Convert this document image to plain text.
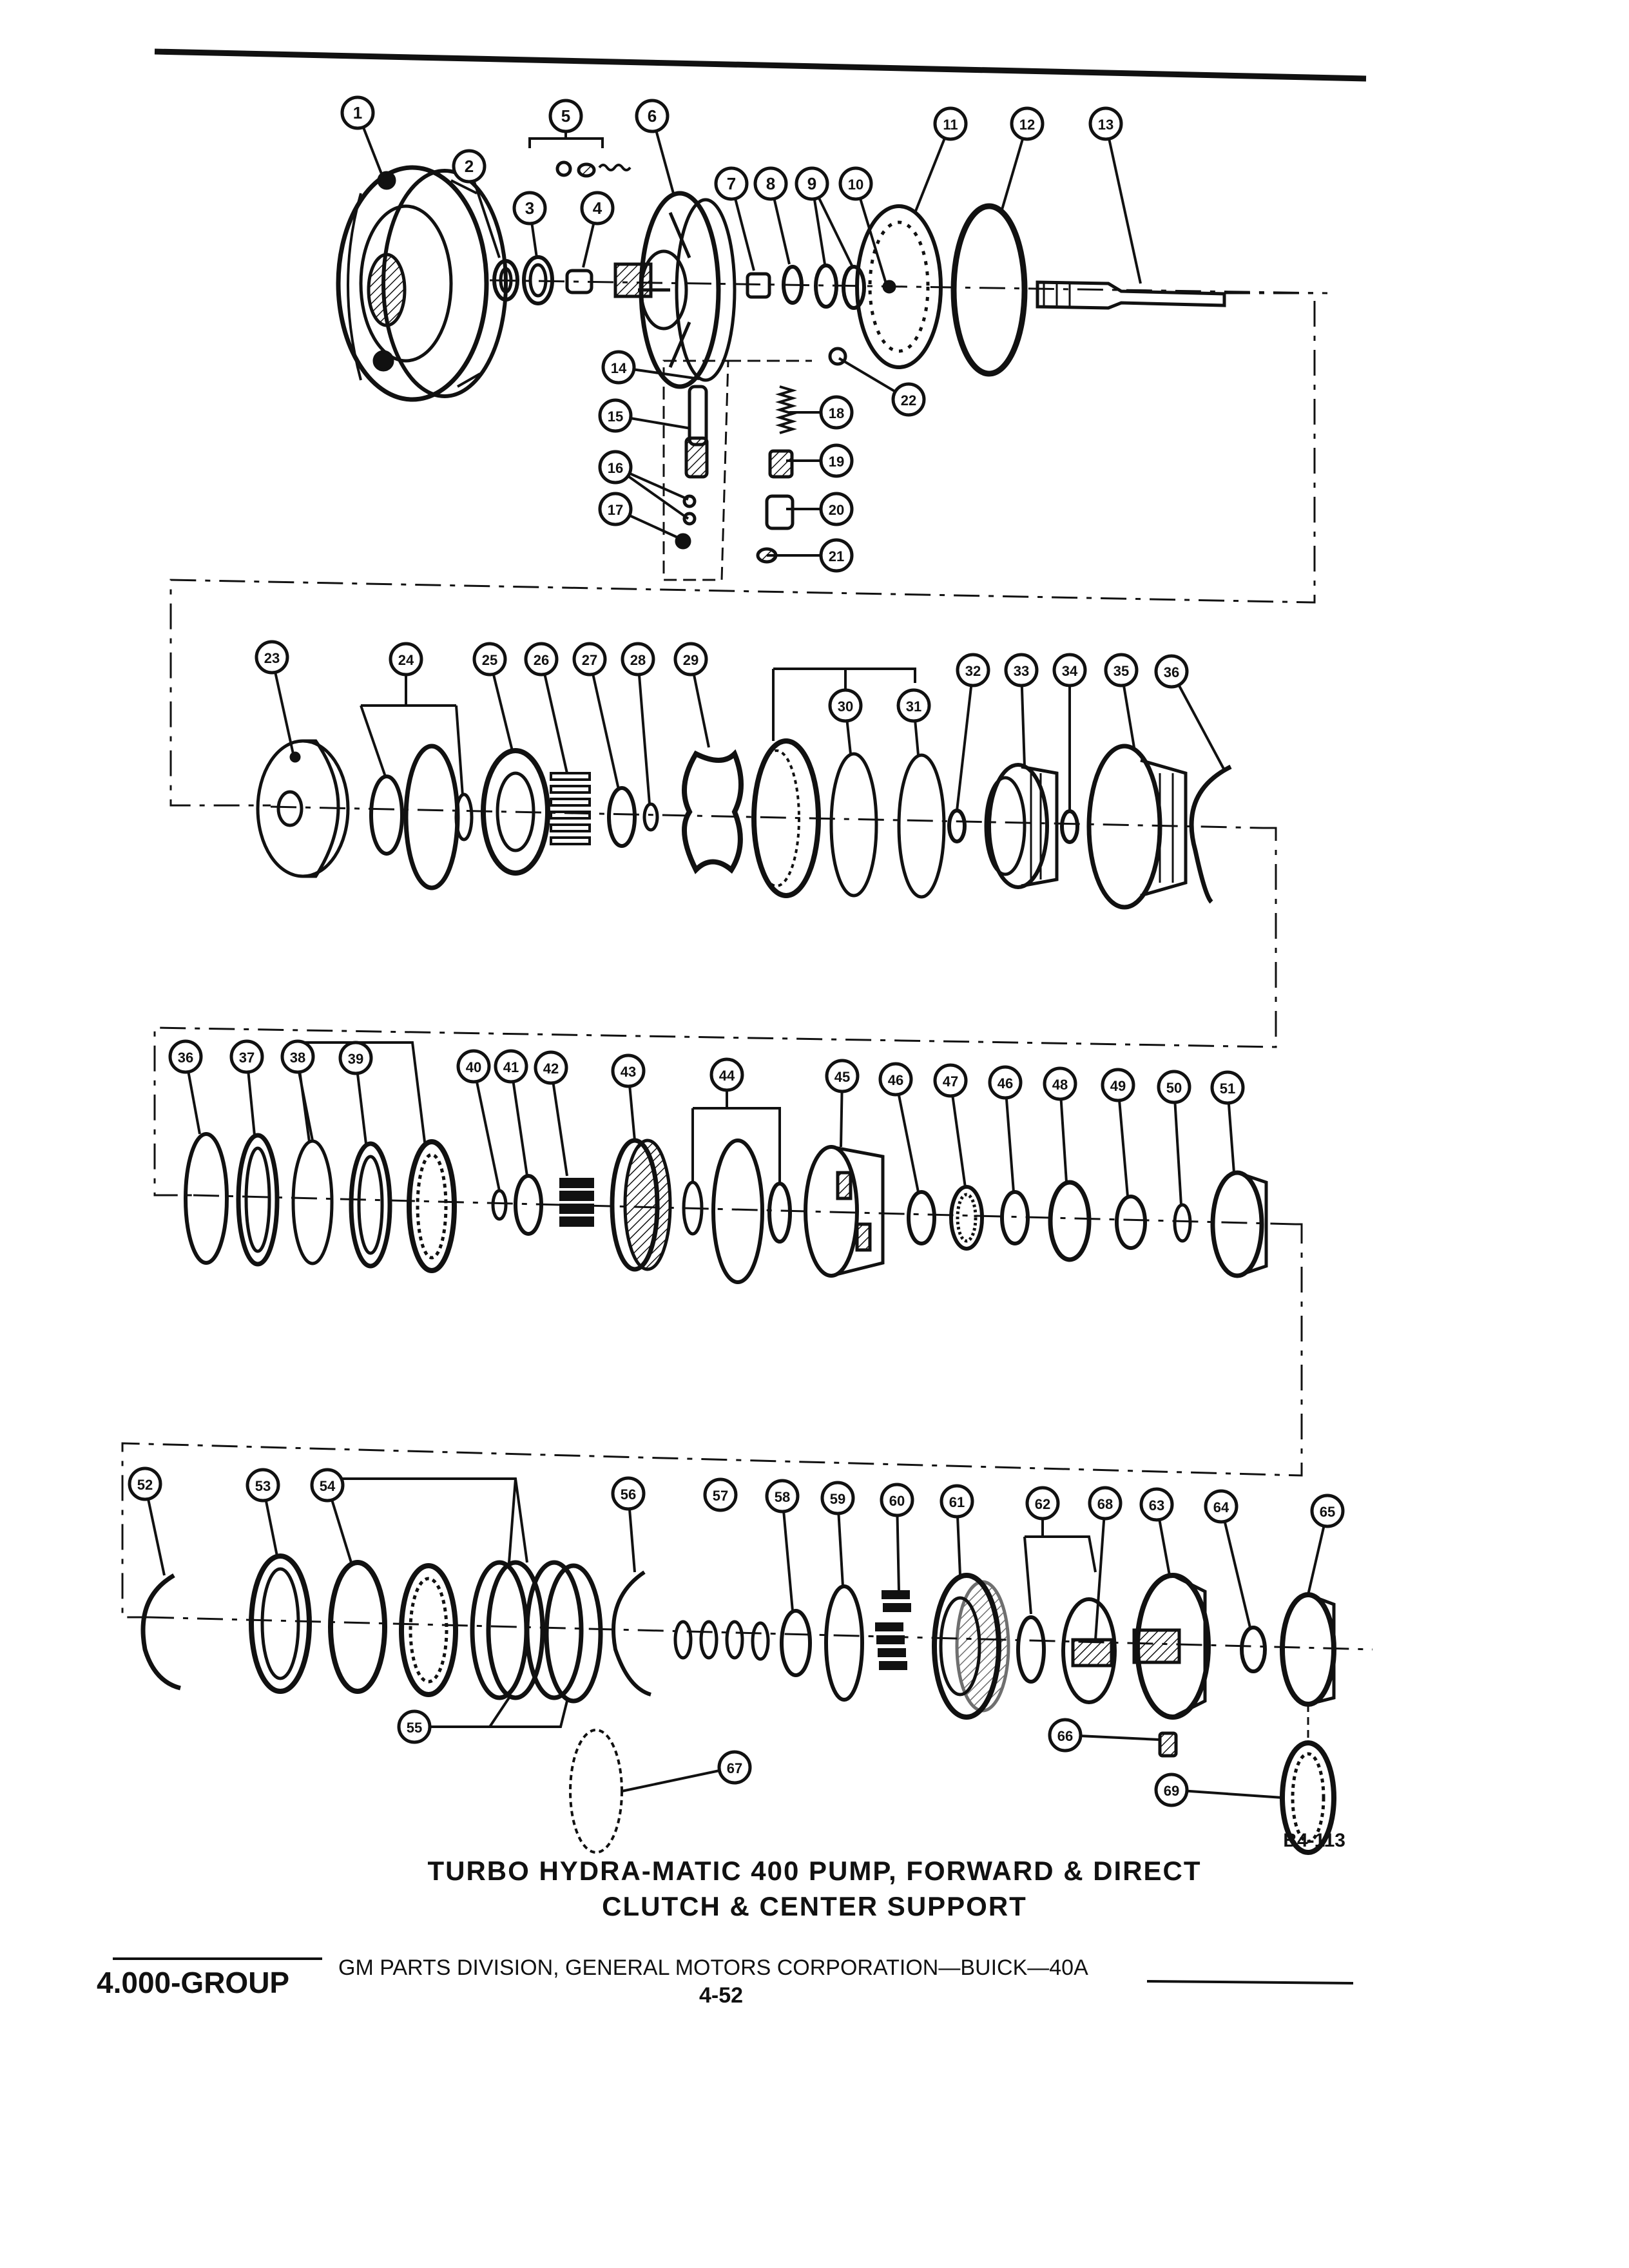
1
2
3	4
5	6
7 8 9 10
11	12	13
14
15
16
17
18
19
20
21
22
23	24	25	26 27 28	29
30	31
32 33 34	35 36
36	37 38	39
40 41 42	43	44	45	46	47	46	48	49	50	51
52	53	54
55
56	57	58	59	60	61	62	68	63	64	65
66
67
69
TURBO HYDRA-MATIC 400 PUMP, FORWARD & DIRECT
CLUTCH & CENTER SUPPORT
B4-113
4.000-GROUP GM PARTS DIVISION, GENERAL MOTORS CORPORATION—BUICK—40A
4-52
